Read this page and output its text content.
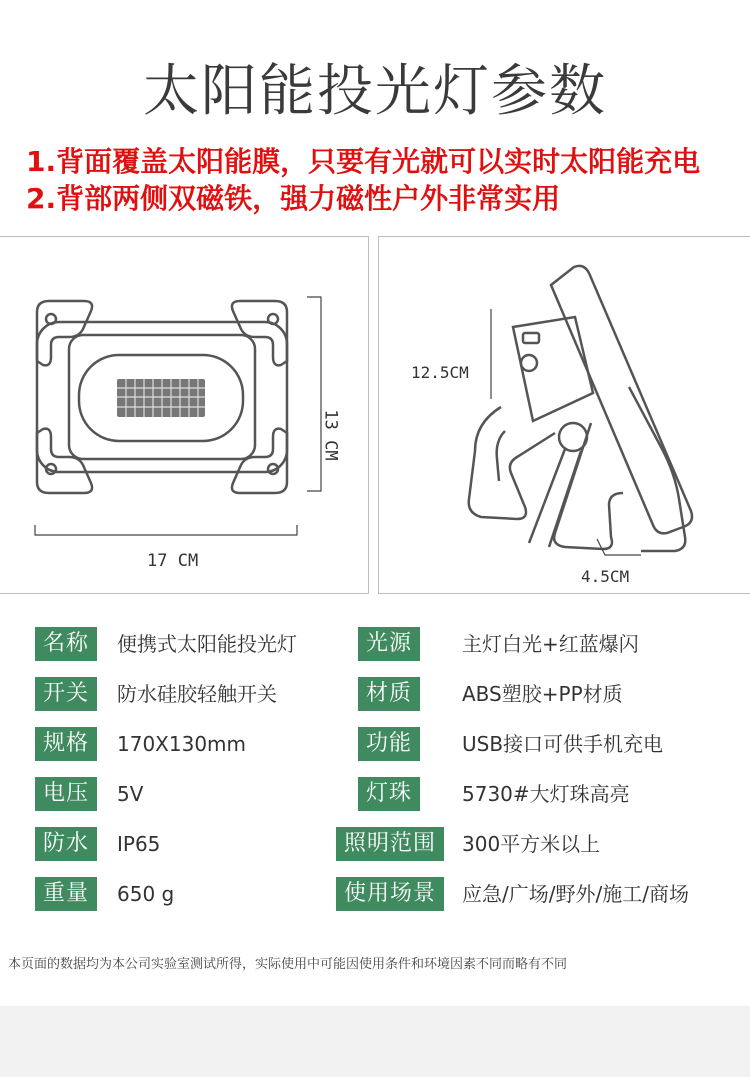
太阳能投光灯参数
1.背面覆盖太阳能膜，只要有光就可以实时太阳能充电
2.背部两侧双磁铁，强力磁性户外非常实用
17 CM
13 CM
12.5CM
4.5CM
名称	便携式太阳能投光灯	光源	主灯白光+红蓝爆闪
开关	防水硅胶轻触开关	材质	ABS塑胶+PP材质
规格	170X130mm	功能	USB接口可供手机充电
电压	5V	灯珠	5730#大灯珠高亮
防水	IP65	照明范围	300平方米以上
重量	650 g	使用场景	应急/广场/野外/施工/商场
本页面的数据均为本公司实验室测试所得，实际使用中可能因使用条件和环境因素不同而略有不同
